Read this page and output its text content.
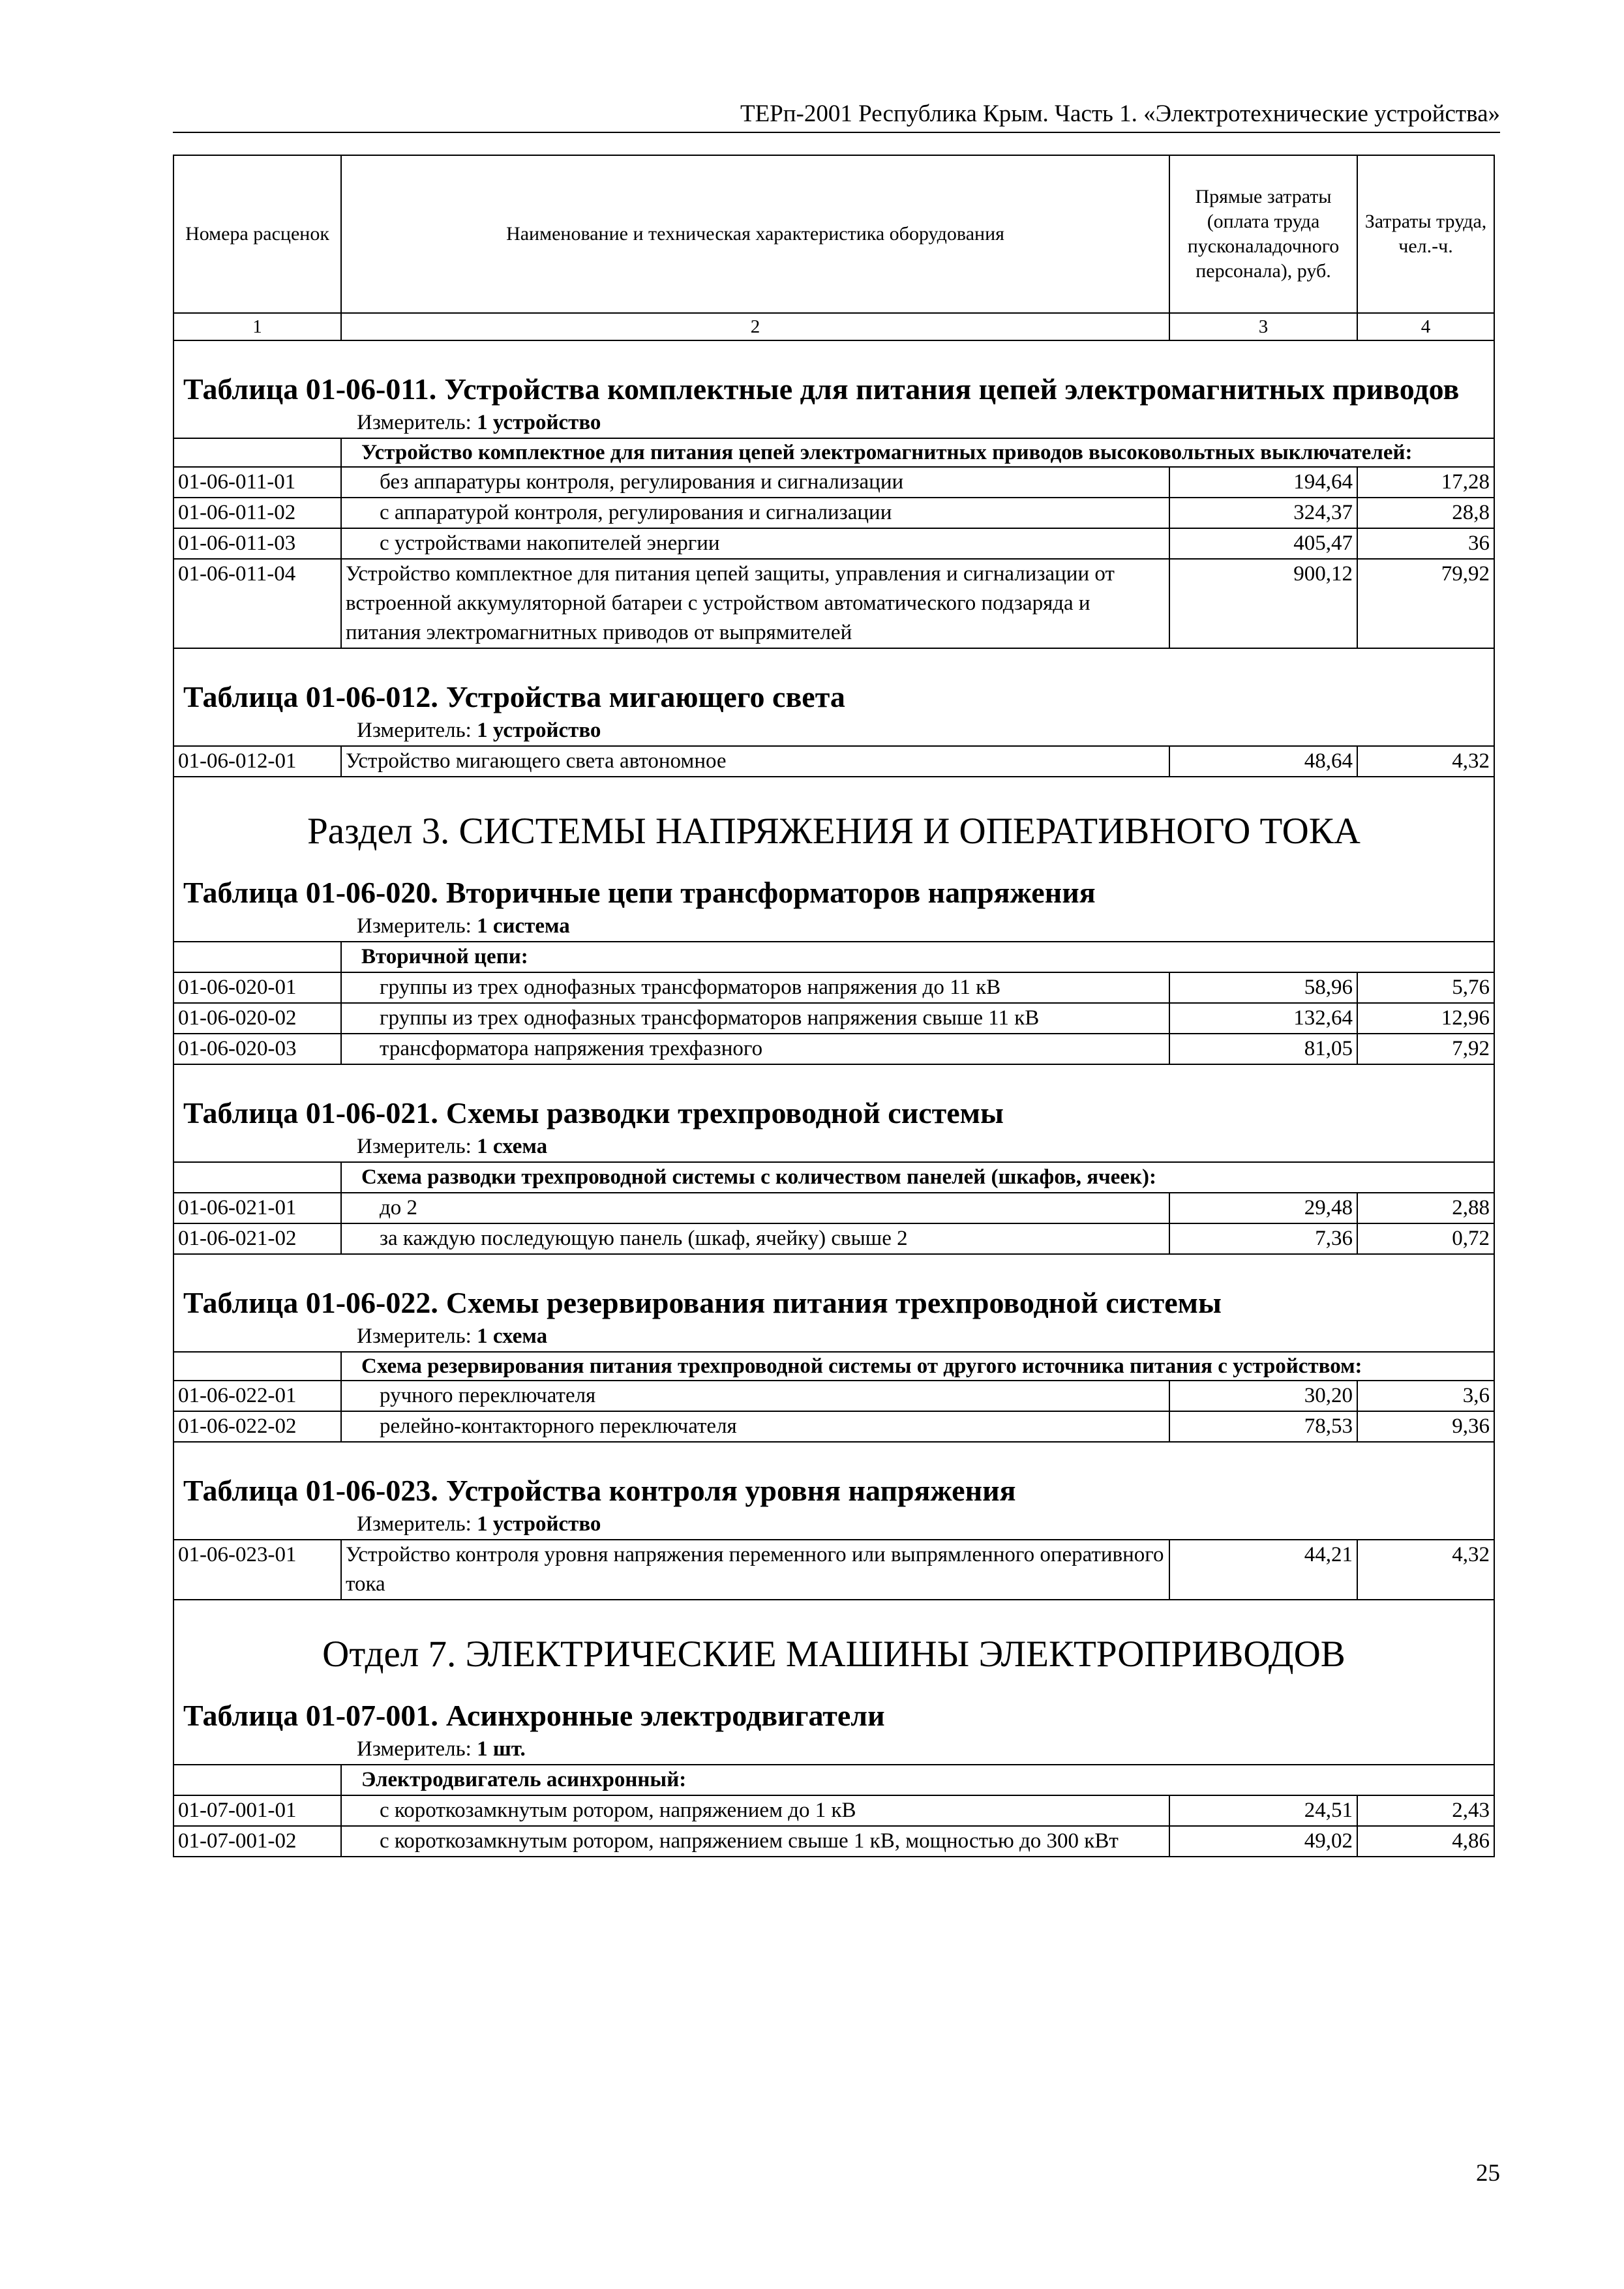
ТЕРп-2001 Республика Крым. Часть 1. «Электротехнические устройства»
Номера расценок	Наименование и техническая характеристика оборудования	Прямые затраты (оплата труда пусконаладочного персонала), руб.	Затраты труда, чел.-ч.
1	2	3	4

Таблица 01-06-011. Устройства комплектные для питания цепей электромагнитных приводов			

Измеритель: 1 устройство			
	Устройство комплектное для питания цепей электромагнитных приводов высоковольтных выключателей:		
01-06-011-01	без аппаратуры контроля, регулирования и сигнализации	194,64	17,28
01-06-011-02	с аппаратурой контроля, регулирования и сигнализации	324,37	28,8
01-06-011-03	с устройствами накопителей энергии	405,47	36
01-06-011-04	Устройство комплектное для питания цепей защиты, управления и сигнализации от встроенной аккумуляторной батареи с устройством автоматического подзаряда и питания электромагнитных приводов от выпрямителей	900,12	79,92

Таблица 01-06-012. Устройства мигающего света			

Измеритель: 1 устройство			
01-06-012-01	Устройство мигающего света автономное	48,64	4,32
Раздел 3. СИСТЕМЫ НАПРЯЖЕНИЯ И ОПЕРАТИВНОГО ТОКА			

Таблица 01-06-020. Вторичные цепи трансформаторов напряжения			

Измеритель: 1 система			
	Вторичной цепи:		
01-06-020-01	группы из трех однофазных трансформаторов напряжения до 11 кВ	58,96	5,76
01-06-020-02	группы из трех однофазных трансформаторов напряжения свыше 11 кВ	132,64	12,96
01-06-020-03	трансформатора напряжения трехфазного	81,05	7,92

Таблица 01-06-021. Схемы разводки трехпроводной системы			

Измеритель: 1 схема			
	Схема разводки трехпроводной системы с количеством панелей (шкафов, ячеек):		
01-06-021-01	до 2	29,48	2,88
01-06-021-02	за каждую последующую панель (шкаф, ячейку) свыше 2	7,36	0,72

Таблица 01-06-022. Схемы резервирования питания трехпроводной системы			

Измеритель: 1 схема			
	Схема резервирования питания трехпроводной системы от другого источника питания с устройством:		
01-06-022-01	ручного переключателя	30,20	3,6
01-06-022-02	релейно-контакторного переключателя	78,53	9,36

Таблица 01-06-023. Устройства контроля уровня напряжения			

Измеритель: 1 устройство			
01-06-023-01	Устройство контроля уровня напряжения переменного или выпрямленного оперативного тока	44,21	4,32
Отдел 7. ЭЛЕКТРИЧЕСКИЕ МАШИНЫ ЭЛЕКТРОПРИВОДОВ			

Таблица 01-07-001. Асинхронные электродвигатели			

Измеритель: 1 шт.			
	Электродвигатель асинхронный:		
01-07-001-01	с короткозамкнутым ротором, напряжением до 1 кВ	24,51	2,43
01-07-001-02	с короткозамкнутым ротором, напряжением свыше 1 кВ, мощностью до 300 кВт	49,02	4,86
25
